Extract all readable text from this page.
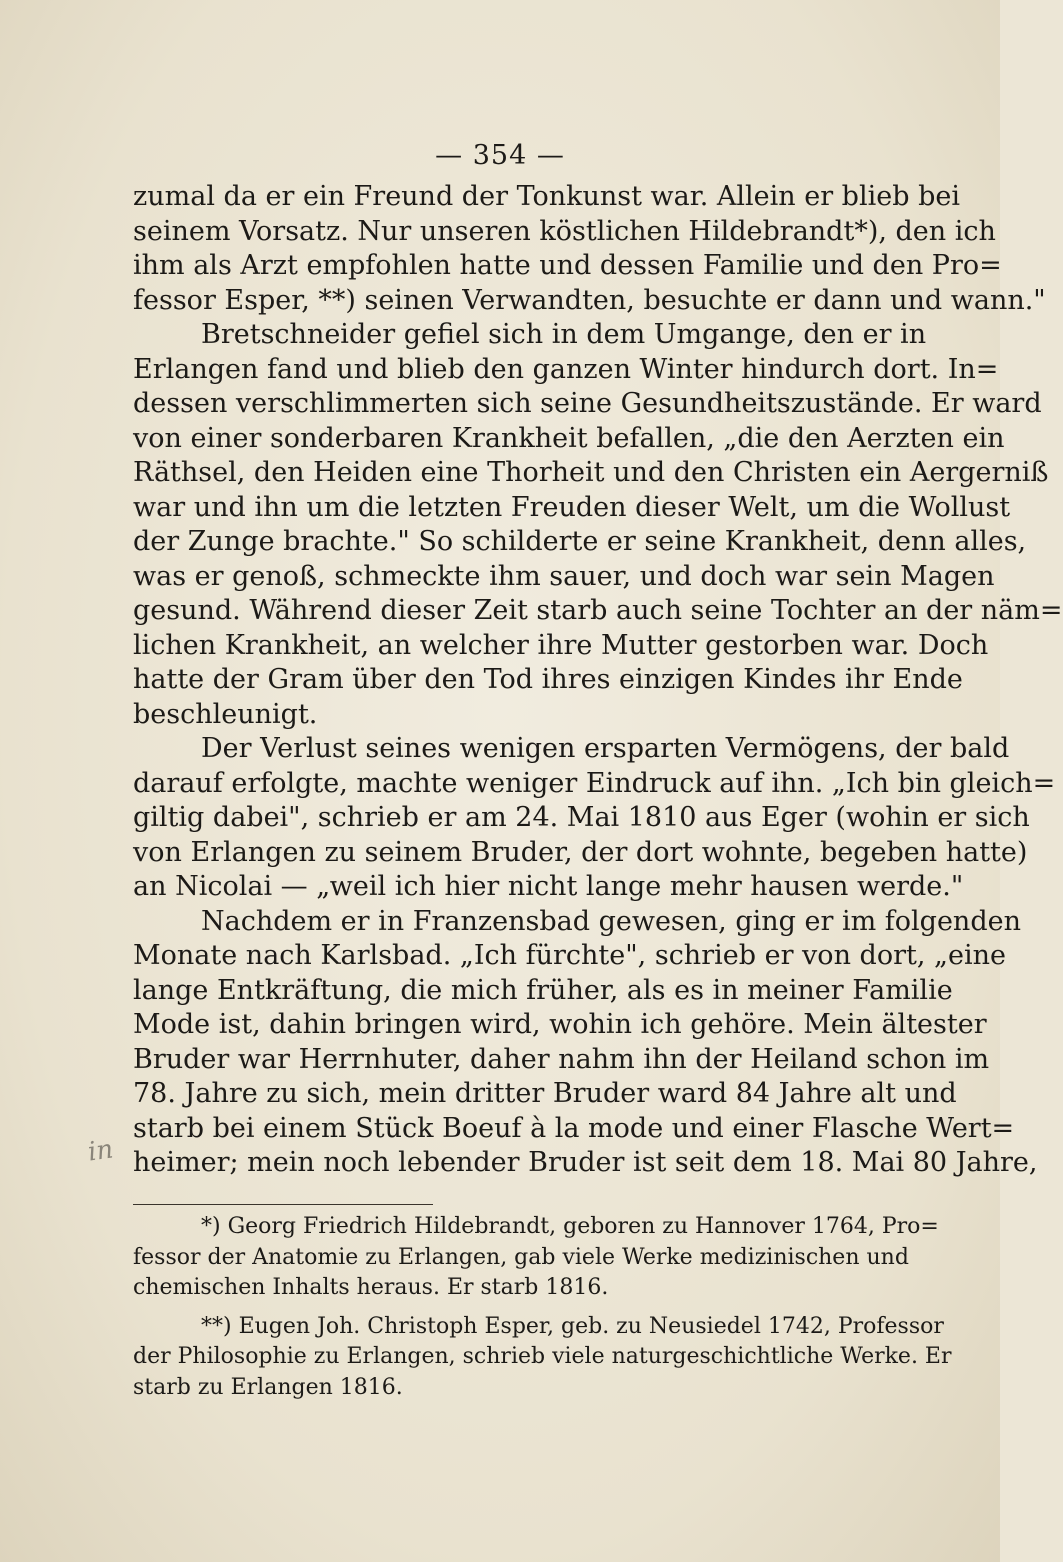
— 354 —
zumal da er ein Freund der Tonkunst war. Allein er blieb bei
seinem Vorsatz. Nur unseren köstlichen Hildebrandt*), den ich
ihm als Arzt empfohlen hatte und dessen Familie und den Pro=
fessor Esper, **) seinen Verwandten, besuchte er dann und wann."
Bretschneider gefiel sich in dem Umgange, den er in
Erlangen fand und blieb den ganzen Winter hindurch dort. In=
dessen verschlimmerten sich seine Gesundheitszustände. Er ward
von einer sonderbaren Krankheit befallen, „die den Aerzten ein
Räthsel, den Heiden eine Thorheit und den Christen ein Aergerniß
war und ihn um die letzten Freuden dieser Welt, um die Wollust
der Zunge brachte." So schilderte er seine Krankheit, denn alles,
was er genoß, schmeckte ihm sauer, und doch war sein Magen
gesund. Während dieser Zeit starb auch seine Tochter an der näm=
lichen Krankheit, an welcher ihre Mutter gestorben war. Doch
hatte der Gram über den Tod ihres einzigen Kindes ihr Ende
beschleunigt.
Der Verlust seines wenigen ersparten Vermögens, der bald
darauf erfolgte, machte weniger Eindruck auf ihn. „Ich bin gleich=
giltig dabei", schrieb er am 24. Mai 1810 aus Eger (wohin er sich
von Erlangen zu seinem Bruder, der dort wohnte, begeben hatte)
an Nicolai — „weil ich hier nicht lange mehr hausen werde."
Nachdem er in Franzensbad gewesen, ging er im folgenden
Monate nach Karlsbad. „Ich fürchte", schrieb er von dort, „eine
lange Entkräftung, die mich früher, als es in meiner Familie
Mode ist, dahin bringen wird, wohin ich gehöre. Mein ältester
Bruder war Herrnhuter, daher nahm ihn der Heiland schon im
78. Jahre zu sich, mein dritter Bruder ward 84 Jahre alt und
starb bei einem Stück Boeuf à la mode und einer Flasche Wert=
heimer; mein noch lebender Bruder ist seit dem 18. Mai 80 Jahre,
in
*) Georg Friedrich Hildebrandt, geboren zu Hannover 1764, Pro=
fessor der Anatomie zu Erlangen, gab viele Werke medizinischen und
chemischen Inhalts heraus. Er starb 1816.
**) Eugen Joh. Christoph Esper, geb. zu Neusiedel 1742, Professor
der Philosophie zu Erlangen, schrieb viele naturgeschichtliche Werke. Er
starb zu Erlangen 1816.
